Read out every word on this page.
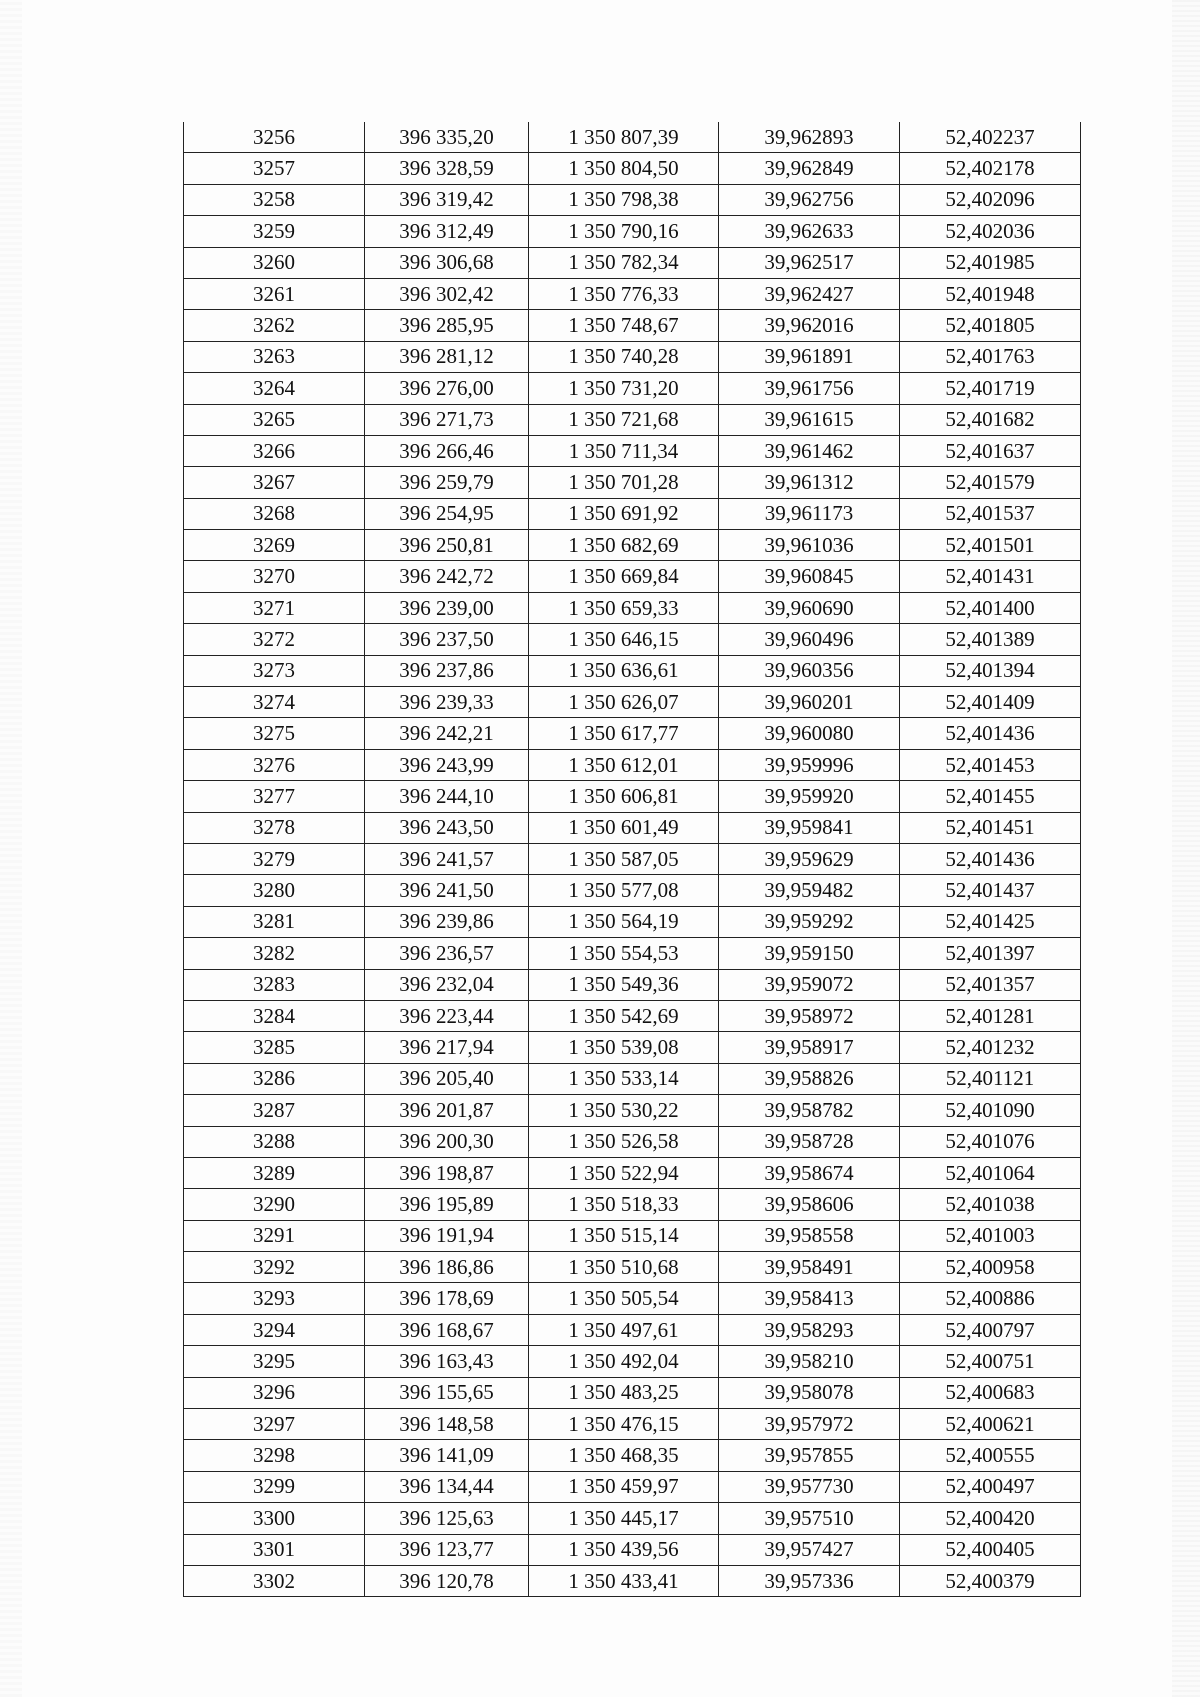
3256	396 335,20	1 350 807,39	39,962893	52,402237
3257	396 328,59	1 350 804,50	39,962849	52,402178
3258	396 319,42	1 350 798,38	39,962756	52,402096
3259	396 312,49	1 350 790,16	39,962633	52,402036
3260	396 306,68	1 350 782,34	39,962517	52,401985
3261	396 302,42	1 350 776,33	39,962427	52,401948
3262	396 285,95	1 350 748,67	39,962016	52,401805
3263	396 281,12	1 350 740,28	39,961891	52,401763
3264	396 276,00	1 350 731,20	39,961756	52,401719
3265	396 271,73	1 350 721,68	39,961615	52,401682
3266	396 266,46	1 350 711,34	39,961462	52,401637
3267	396 259,79	1 350 701,28	39,961312	52,401579
3268	396 254,95	1 350 691,92	39,961173	52,401537
3269	396 250,81	1 350 682,69	39,961036	52,401501
3270	396 242,72	1 350 669,84	39,960845	52,401431
3271	396 239,00	1 350 659,33	39,960690	52,401400
3272	396 237,50	1 350 646,15	39,960496	52,401389
3273	396 237,86	1 350 636,61	39,960356	52,401394
3274	396 239,33	1 350 626,07	39,960201	52,401409
3275	396 242,21	1 350 617,77	39,960080	52,401436
3276	396 243,99	1 350 612,01	39,959996	52,401453
3277	396 244,10	1 350 606,81	39,959920	52,401455
3278	396 243,50	1 350 601,49	39,959841	52,401451
3279	396 241,57	1 350 587,05	39,959629	52,401436
3280	396 241,50	1 350 577,08	39,959482	52,401437
3281	396 239,86	1 350 564,19	39,959292	52,401425
3282	396 236,57	1 350 554,53	39,959150	52,401397
3283	396 232,04	1 350 549,36	39,959072	52,401357
3284	396 223,44	1 350 542,69	39,958972	52,401281
3285	396 217,94	1 350 539,08	39,958917	52,401232
3286	396 205,40	1 350 533,14	39,958826	52,401121
3287	396 201,87	1 350 530,22	39,958782	52,401090
3288	396 200,30	1 350 526,58	39,958728	52,401076
3289	396 198,87	1 350 522,94	39,958674	52,401064
3290	396 195,89	1 350 518,33	39,958606	52,401038
3291	396 191,94	1 350 515,14	39,958558	52,401003
3292	396 186,86	1 350 510,68	39,958491	52,400958
3293	396 178,69	1 350 505,54	39,958413	52,400886
3294	396 168,67	1 350 497,61	39,958293	52,400797
3295	396 163,43	1 350 492,04	39,958210	52,400751
3296	396 155,65	1 350 483,25	39,958078	52,400683
3297	396 148,58	1 350 476,15	39,957972	52,400621
3298	396 141,09	1 350 468,35	39,957855	52,400555
3299	396 134,44	1 350 459,97	39,957730	52,400497
3300	396 125,63	1 350 445,17	39,957510	52,400420
3301	396 123,77	1 350 439,56	39,957427	52,400405
3302	396 120,78	1 350 433,41	39,957336	52,400379
